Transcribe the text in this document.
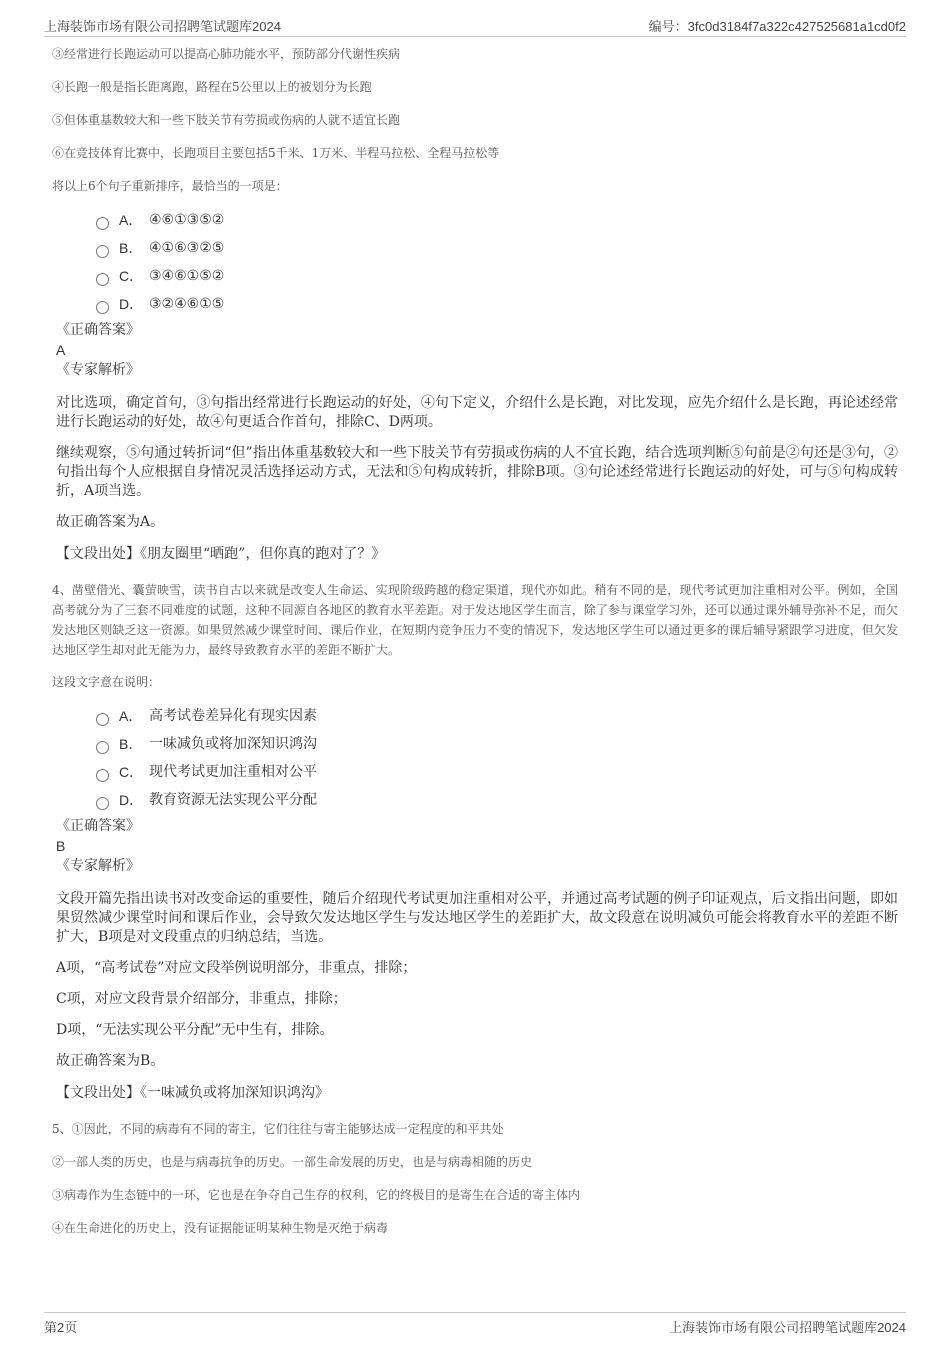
上海装饰市场有限公司招聘笔试题库2024	编号：3fc0d3184f7a322c427525681a1cd0f2

③经常进行长跑运动可以提高心肺功能水平，预防部分代谢性疾病

④长跑一般是指长距离跑，路程在5公里以上的被划分为长跑

⑤但体重基数较大和一些下肢关节有劳损或伤病的人就不适宜长跑

⑥在竞技体育比赛中，长跑项目主要包括5千米、1万米、半程马拉松、全程马拉松等

将以上6个句子重新排序，最恰当的一项是：

A． ④⑥①③⑤②
B． ④①⑥③②⑤
C． ③④⑥①⑤②
D． ③②④⑥①⑤

《正确答案》

A

《专家解析》

对比选项，确定首句，③句指出经常进行长跑运动的好处，④句下定义，介绍什么是长跑，对比发现，应先介绍什么是长跑，再论述经常进行长跑运动的好处，故④句更适合作首句，排除C、D两项。

继续观察，⑤句通过转折词“但”指出体重基数较大和一些下肢关节有劳损或伤病的人不宜长跑，结合选项判断⑤句前是②句还是③句，②句指出每个人应根据自身情况灵活选择运动方式，无法和⑤句构成转折，排除B项。③句论述经常进行长跑运动的好处，可与⑤句构成转折，A项当选。

故正确答案为A。

【文段出处】《朋友圈里“晒跑”，但你真的跑对了？》

4、凿壁借光、囊萤映雪，读书自古以来就是改变人生命运、实现阶级跨越的稳定渠道，现代亦如此。稍有不同的是，现代考试更加注重相对公平。例如，全国高考就分为了三套不同难度的试题，这种不同源自各地区的教育水平差距。对于发达地区学生而言，除了参与课堂学习外，还可以通过课外辅导弥补不足，而欠发达地区则缺乏这一资源。如果贸然减少课堂时间、课后作业，在短期内竞争压力不变的情况下，发达地区学生可以通过更多的课后辅导紧跟学习进度，但欠发达地区学生却对此无能为力，最终导致教育水平的差距不断扩大。

这段文字意在说明：

A． 高考试卷差异化有现实因素
B． 一味减负或将加深知识鸿沟
C． 现代考试更加注重相对公平
D． 教育资源无法实现公平分配

《正确答案》

B

《专家解析》

文段开篇先指出读书对改变命运的重要性，随后介绍现代考试更加注重相对公平，并通过高考试题的例子印证观点，后文指出问题，即如果贸然减少课堂时间和课后作业，会导致欠发达地区学生与发达地区学生的差距扩大，故文段意在说明减负可能会将教育水平的差距不断扩大，B项是对文段重点的归纳总结，当选。

A项，“高考试卷”对应文段举例说明部分，非重点，排除；

C项，对应文段背景介绍部分，非重点，排除；

D项，“无法实现公平分配”无中生有，排除。

故正确答案为B。

【文段出处】《一味减负或将加深知识鸿沟》

5、①因此，不同的病毒有不同的寄主，它们往往与寄主能够达成一定程度的和平共处

②一部人类的历史，也是与病毒抗争的历史。一部生命发展的历史，也是与病毒相随的历史

③病毒作为生态链中的一环，它也是在争夺自己生存的权利，它的终极目的是寄生在合适的寄主体内

④在生命进化的历史上，没有证据能证明某种生物是灭绝于病毒

第2页	上海装饰市场有限公司招聘笔试题库2024
